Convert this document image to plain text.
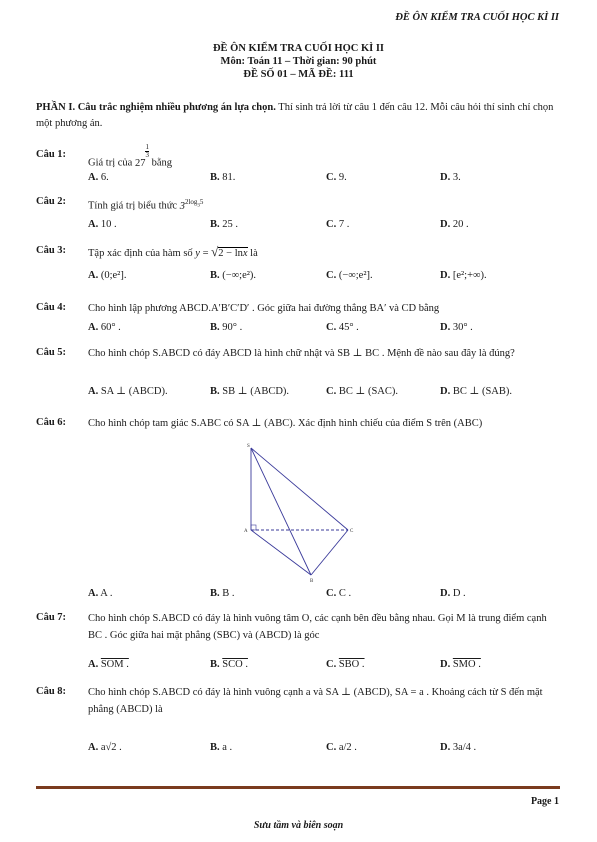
ĐỀ ÔN KIỂM TRA CUỐI HỌC KÌ II
ĐỀ ÔN KIỂM TRA CUỐI HỌC KÌ II
Môn: Toán 11 – Thời gian: 90 phút
ĐỀ SỐ 01 – MÃ ĐỀ: 111
PHẦN I. Câu trắc nghiệm nhiều phương án lựa chọn. Thí sinh trả lời từ câu 1 đến câu 12. Mỗi câu hỏi thí sinh chỉ chọn một phương án.
Câu 1:
Giá trị của 27
$^{\frac{1}{3}}$
bằng
A. 6.	B. 81.	C. 9.	D. 3.
Câu 2:	Tính giá trị biểu thức $3^{2log_35}$
A. 10 .	B. 25 .	C. 7 .	D. 20 .
Câu 3:	Tập xác định của hàm số y = √2 − lnx là
A. (0;e²].	B. (−∞;e²).	C. (−∞;e²].	D. [e²;+∞).
Câu 4:	Cho hình lập phương ABCD.A′B′C′D′ . Góc giữa hai đường thẳng BA′ và CD bằng
A. 60° .	B. 90° .	C. 45° .	D. 30° .
Câu 5:	Cho hình chóp S.ABCD có đáy ABCD là hình chữ nhật và SB ⊥ BC . Mệnh đề nào sau đây là đúng?
A. SA ⊥ (ABCD).	B. SB ⊥ (ABCD).	C. BC ⊥ (SAC).	D. BC ⊥ (SAB).
Câu 6:	Cho hình chóp tam giác S.ABC có SA ⊥ (ABC). Xác định hình chiếu của điểm S trên (ABC)
S
A	C
B
A. A .	B. B .	C. C .	D. D .
Câu 7:	Cho hình chóp S.ABCD có đáy là hình vuông tâm O, các cạnh bên đều bằng nhau. Gọi M là trung điểm cạnh BC . Góc giữa hai mặt phẳng (SBC) và (ABCD) là góc
A. SOM .	B. SCO .	C. SBO .	D. SMO .
Câu 8:	Cho hình chóp S.ABCD có đáy là hình vuông cạnh a và SA ⊥ (ABCD), SA = a . Khoảng cách từ S đến mặt phẳng (ABCD) là
A. a√2 .	B. a .	C. a/2 .	D. 3a/4 .
Page 1
Sưu tầm và biên soạn
